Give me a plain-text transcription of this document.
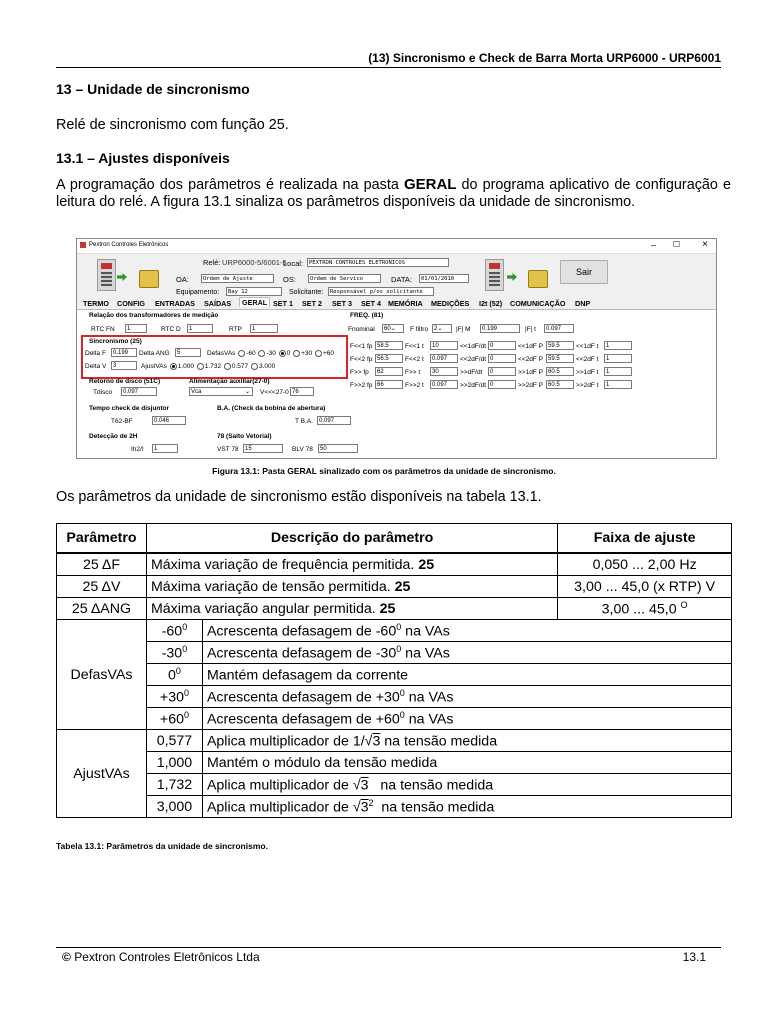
(13) Sincronismo e Check de Barra Morta URP6000 - URP6001
13 – Unidade de sincronismo
Relé de sincronismo com função 25.
13.1 – Ajustes disponíveis
A programação dos parâmetros é realizada na pasta GERAL do programa aplicativo de configuração e leitura do relé. A figura 13.1 sinaliza os parâmetros disponíveis da unidade de sincronismo.
Pextron Controles Eletrônicos	– ☐ ×
Relé: URP6000-5/6001-5
Local:	PEXTRON CONTROLES ELETRONICOS
OA:	Ordem de Ajuste	OS:	Ordem de Servico	DATA:	01/01/2010
Equipamento:	Bay 12	Solicitante:	Responsável p/os solicitante
Sair
TERMO CONFIG ENTRADAS SAÍDAS	GERAL SET 1 SET 2 SET 3 SET 4 MEMÓRIA MEDIÇÕES I2t (52) COMUNICAÇÃO DNP
Relação dos transformadores de medição
RTC FN	1	RTC D	1	RTP	1
Sincronismo (25)
Delta F	0.199	Delta ANG	5	DefasVAs -60 -30 0 +30 +60
Delta V	3	AjustVAs 1.000 1.732 0.577 3.000
Retorno de disco (51C)
Tdisco	0.097
Alimentação auxiliar(27-0)
Vca	⌄ V<<<27-0 76
Tempo check de disjuntor
T62-BF	0.046
B.A. (Check da bobina de abertura)
T B.A.	0.097
Detecção de 2H
Ih2/I	1
78 (Salto Vetorial)
VST 78	15	BLV 78	50
FREQ. (81)
Fnominal	60⌄	F filtro 2⌄	|F| M	0.199	|F| t	0.097
F<<1 fp 58.5	F<<1 t	10	<<1dF/dt 0	<<1dF P 59.5	<<1dF t	1
F<<2 fp 56.5	F<<2 t	0.097	<<2dF/dt 0	<<2dF P 59.5	<<2dF t	1
F>> fp	62	F>> t	30	>>dF/dt	0	>>1dF P 60.5	>>1dF t	1
F>>2 fp 66	F>>2 t	0.097	>>2dF/dt 0	>>2dF P 60.5	>>2dF t	1
Figura 13.1: Pasta GERAL sinalizado com os parâmetros da unidade de sincronismo.
Os parâmetros da unidade de sincronismo estão disponíveis na tabela 13.1.
Parâmetro	Descrição do parâmetro		Faixa de ajuste
25 ΔF	Máxima variação de frequência permitida. 25		0,050 ... 2,00 Hz
25 ΔV	Máxima variação de tensão permitida. 25		3,00 ... 45,0 (x RTP) V
25 ΔANG	Máxima variação angular permitida. 25		3,00 ... 45,0 $^O$
DefasVAs	$-60^0$	Acrescenta defasagem de $-60^0$ na VAs	
	$-30^0$	Acrescenta defasagem de $-30^0$ na VAs	
	$0^0$	Mantém defasagem da corrente	
	$+30^0$	Acrescenta defasagem de $+30^0$ na VAs	
	$+60^0$	Acrescenta defasagem de $+60^0$ na VAs	
AjustVAs	0,577	Aplica multiplicador de 1/√3 na tensão medida	
	1,000	Mantém o módulo da tensão medida	
	1,732	Aplica multiplicador de √3   na tensão medida	
	3,000	Aplica multiplicador de $√3^2$  na tensão medida	
Tabela 13.1: Parâmetros da unidade de sincronismo.
© Pextron Controles Eletrônicos Ltda	13.1
